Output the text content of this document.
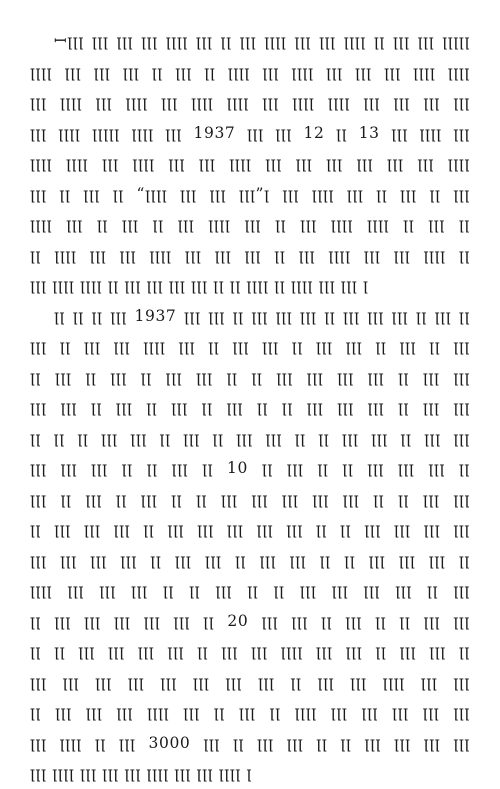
ꟷꞁꞁꞁ ꞁꞁꞁ ꞁꞁꞁ ꞁꞁꞁ ꞁꞁꞁꞁ ꞁꞁꞁ ꞁꞁ ꞁꞁꞁ ꞁꞁꞁꞁ ꞁꞁꞁ ꞁꞁꞁ ꞁꞁꞁꞁ ꞁꞁ ꞁꞁꞁ ꞁꞁꞁ ꞁꞁꞁꞁꞁ
ꞁꞁꞁꞁ ꞁꞁꞁ ꞁꞁꞁ ꞁꞁꞁ ꞁꞁ ꞁꞁꞁ ꞁꞁ ꞁꞁꞁꞁ ꞁꞁꞁ ꞁꞁꞁꞁ ꞁꞁꞁ ꞁꞁꞁ ꞁꞁꞁ ꞁꞁꞁꞁ ꞁꞁꞁꞁ
ꞁꞁꞁ ꞁꞁꞁꞁ ꞁꞁꞁ ꞁꞁꞁꞁ ꞁꞁꞁ ꞁꞁꞁꞁ ꞁꞁꞁꞁ ꞁꞁꞁ ꞁꞁꞁꞁ ꞁꞁꞁꞁ ꞁꞁꞁ ꞁꞁꞁ ꞁꞁꞁ ꞁꞁꞁ
ꞁꞁꞁ ꞁꞁꞁꞁ ꞁꞁꞁꞁꞁ ꞁꞁꞁꞁ ꞁꞁꞁ 1937 ꞁꞁꞁ ꞁꞁꞁ 12 ꞁꞁ 13 ꞁꞁꞁ ꞁꞁꞁꞁ ꞁꞁꞁ
ꞁꞁꞁꞁ ꞁꞁꞁꞁ ꞁꞁꞁ ꞁꞁꞁꞁ ꞁꞁꞁ ꞁꞁꞁ ꞁꞁꞁꞁ ꞁꞁꞁ ꞁꞁꞁ ꞁꞁꞁ ꞁꞁꞁ ꞁꞁꞁ ꞁꞁꞁ ꞁꞁꞁꞁ
ꞁꞁꞁ ꞁꞁ ꞁꞁꞁ ꞁꞁ “ꞁꞁꞁꞁ ꞁꞁꞁ ꞁꞁꞁ ꞁꞁꞁ”ꞁ ꞁꞁꞁ ꞁꞁꞁꞁ ꞁꞁꞁ ꞁꞁ ꞁꞁꞁ ꞁꞁ ꞁꞁꞁ
ꞁꞁꞁꞁ ꞁꞁꞁ ꞁꞁ ꞁꞁꞁ ꞁꞁ ꞁꞁꞁ ꞁꞁꞁꞁ ꞁꞁꞁ ꞁꞁ ꞁꞁꞁ ꞁꞁꞁꞁ ꞁꞁꞁꞁ ꞁꞁ ꞁꞁꞁ ꞁꞁ
ꞁꞁ ꞁꞁꞁꞁ ꞁꞁꞁ ꞁꞁꞁ ꞁꞁꞁꞁ ꞁꞁꞁ ꞁꞁꞁ ꞁꞁꞁ ꞁꞁ ꞁꞁꞁ ꞁꞁꞁꞁ ꞁꞁꞁ ꞁꞁꞁ ꞁꞁꞁꞁ ꞁꞁ
ꞁꞁꞁ ꞁꞁꞁꞁ ꞁꞁꞁꞁ ꞁꞁ ꞁꞁꞁ ꞁꞁꞁ ꞁꞁꞁ ꞁꞁꞁ ꞁꞁ ꞁꞁ ꞁꞁꞁꞁ ꞁꞁ ꞁꞁꞁꞁ ꞁꞁꞁ ꞁꞁꞁ ꞁ
ꞁꞁ ꞁꞁ ꞁꞁ ꞁꞁꞁ 1937 ꞁꞁꞁ ꞁꞁꞁ ꞁꞁ ꞁꞁꞁ ꞁꞁꞁ ꞁꞁꞁ ꞁꞁ ꞁꞁꞁ ꞁꞁꞁ ꞁꞁꞁ ꞁꞁ ꞁꞁꞁ ꞁꞁ
ꞁꞁꞁ ꞁꞁ ꞁꞁꞁ ꞁꞁꞁ ꞁꞁꞁꞁ ꞁꞁꞁ ꞁꞁ ꞁꞁꞁ ꞁꞁꞁ ꞁꞁ ꞁꞁꞁ ꞁꞁꞁ ꞁꞁ ꞁꞁꞁ ꞁꞁ ꞁꞁꞁ
ꞁꞁ ꞁꞁꞁ ꞁꞁ ꞁꞁꞁ ꞁꞁ ꞁꞁꞁ ꞁꞁꞁ ꞁꞁ ꞁꞁ ꞁꞁꞁ ꞁꞁꞁ ꞁꞁꞁ ꞁꞁꞁ ꞁꞁ ꞁꞁꞁ ꞁꞁꞁ
ꞁꞁꞁ ꞁꞁꞁ ꞁꞁ ꞁꞁꞁ ꞁꞁ ꞁꞁꞁ ꞁꞁ ꞁꞁꞁ ꞁꞁ ꞁꞁ ꞁꞁꞁ ꞁꞁꞁ ꞁꞁꞁ ꞁꞁ ꞁꞁꞁ ꞁꞁꞁ
ꞁꞁ ꞁꞁ ꞁꞁ ꞁꞁꞁ ꞁꞁꞁ ꞁꞁ ꞁꞁꞁ ꞁꞁ ꞁꞁꞁ ꞁꞁꞁ ꞁꞁ ꞁꞁ ꞁꞁꞁ ꞁꞁꞁ ꞁꞁ ꞁꞁꞁ ꞁꞁꞁ
ꞁꞁꞁ ꞁꞁꞁ ꞁꞁꞁ ꞁꞁ ꞁꞁ ꞁꞁꞁ ꞁꞁ 10 ꞁꞁ ꞁꞁꞁ ꞁꞁ ꞁꞁ ꞁꞁꞁ ꞁꞁꞁ ꞁꞁꞁ ꞁꞁ
ꞁꞁꞁ ꞁꞁ ꞁꞁꞁ ꞁꞁ ꞁꞁꞁ ꞁꞁ ꞁꞁ ꞁꞁꞁ ꞁꞁꞁ ꞁꞁꞁ ꞁꞁꞁ ꞁꞁꞁ ꞁꞁ ꞁꞁ ꞁꞁꞁ ꞁꞁꞁ
ꞁꞁ ꞁꞁꞁ ꞁꞁꞁ ꞁꞁꞁ ꞁꞁ ꞁꞁꞁ ꞁꞁꞁ ꞁꞁꞁ ꞁꞁꞁ ꞁꞁꞁ ꞁꞁ ꞁꞁ ꞁꞁꞁ ꞁꞁꞁ ꞁꞁꞁ ꞁꞁꞁ
ꞁꞁꞁ ꞁꞁꞁ ꞁꞁꞁ ꞁꞁꞁ ꞁꞁ ꞁꞁꞁ ꞁꞁꞁ ꞁꞁ ꞁꞁꞁ ꞁꞁꞁ ꞁꞁ ꞁꞁ ꞁꞁꞁ ꞁꞁꞁ ꞁꞁꞁ ꞁꞁ
ꞁꞁꞁꞁ ꞁꞁꞁ ꞁꞁꞁ ꞁꞁꞁ ꞁꞁ ꞁꞁ ꞁꞁꞁ ꞁꞁ ꞁꞁ ꞁꞁꞁ ꞁꞁꞁ ꞁꞁꞁ ꞁꞁꞁ ꞁꞁ ꞁꞁꞁ
ꞁꞁ ꞁꞁꞁ ꞁꞁꞁ ꞁꞁꞁ ꞁꞁꞁ ꞁꞁꞁ ꞁꞁ 20 ꞁꞁꞁ ꞁꞁꞁ ꞁꞁ ꞁꞁꞁ ꞁꞁ ꞁꞁ ꞁꞁꞁ ꞁꞁꞁ
ꞁꞁ ꞁꞁ ꞁꞁꞁ ꞁꞁꞁ ꞁꞁꞁ ꞁꞁꞁ ꞁꞁ ꞁꞁꞁ ꞁꞁꞁ ꞁꞁꞁꞁ ꞁꞁꞁ ꞁꞁꞁ ꞁꞁ ꞁꞁꞁ ꞁꞁꞁ ꞁꞁ
ꞁꞁꞁ ꞁꞁꞁ ꞁꞁꞁ ꞁꞁꞁ ꞁꞁꞁ ꞁꞁꞁ ꞁꞁꞁ ꞁꞁꞁ ꞁꞁ ꞁꞁꞁ ꞁꞁꞁ ꞁꞁꞁꞁ ꞁꞁꞁ ꞁꞁꞁ
ꞁꞁ ꞁꞁꞁ ꞁꞁꞁ ꞁꞁꞁ ꞁꞁꞁꞁ ꞁꞁꞁ ꞁꞁ ꞁꞁꞁ ꞁꞁ ꞁꞁꞁꞁ ꞁꞁꞁ ꞁꞁꞁ ꞁꞁꞁ ꞁꞁꞁ ꞁꞁꞁ
ꞁꞁꞁ ꞁꞁꞁꞁ ꞁꞁ ꞁꞁꞁ 3000 ꞁꞁꞁ ꞁꞁ ꞁꞁꞁ ꞁꞁꞁ ꞁꞁ ꞁꞁ ꞁꞁꞁ ꞁꞁꞁ ꞁꞁꞁ ꞁꞁꞁ
ꞁꞁꞁ ꞁꞁꞁꞁ ꞁꞁꞁ ꞁꞁꞁ ꞁꞁꞁ ꞁꞁꞁꞁ ꞁꞁꞁ ꞁꞁꞁ ꞁꞁꞁꞁ ꞁ
